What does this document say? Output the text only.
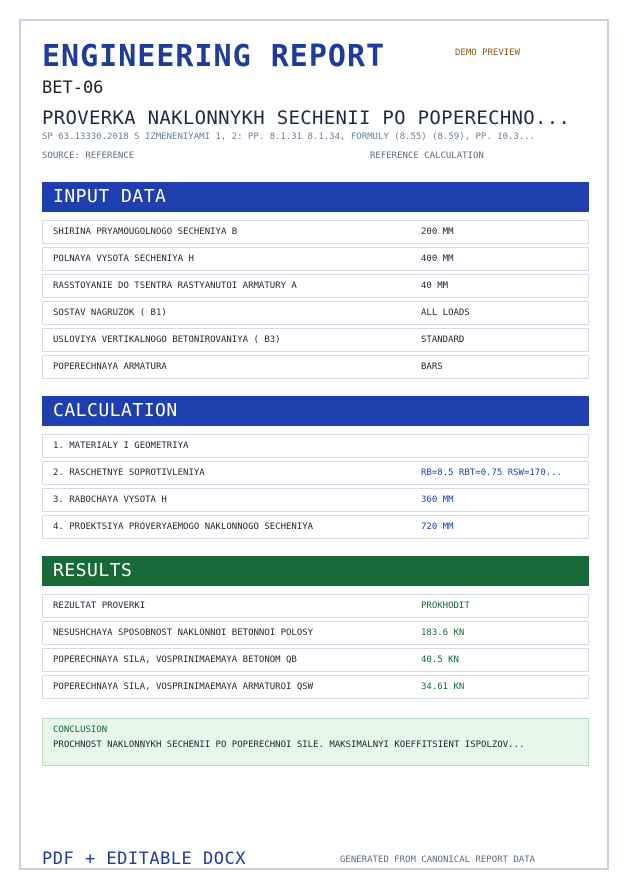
ENGINEERING REPORT	DEMO PREVIEW
BET-06
PROVERKA NAKLONNYKH SECHENII PO POPERECHNO...
SP 63.13330.2018 S IZMENENIYAMI 1, 2: PP. 8.1.31 8.1.34, FORMULY (8.55) (8.59), PP. 10.3...
SOURCE: REFERENCE	REFERENCE CALCULATION
INPUT DATA
SHIRINA PRYAMOUGOLNOGO SECHENIYA B	200 MM
POLNAYA VYSOTA SECHENIYA H	400 MM
RASSTOYANIE DO TSENTRA RASTYANUTOI ARMATURY A	40 MM
SOSTAV NAGRUZOK ( B1)	ALL LOADS
USLOVIYA VERTIKALNOGO BETONIROVANIYA ( B3)	STANDARD
POPERECHNAYA ARMATURA	BARS
CALCULATION
1. MATERIALY I GEOMETRIYA
2. RASCHETNYE SOPROTIVLENIYA	RB=8.5 RBT=0.75 RSW=170...
3. RABOCHAYA VYSOTA H	360 MM
4. PROEKTSIYA PROVERYAEMOGO NAKLONNOGO SECHENIYA	720 MM
RESULTS
REZULTAT PROVERKI	PROKHODIT
NESUSHCHAYA SPOSOBNOST NAKLONNOI BETONNOI POLOSY	183.6 KN
POPERECHNAYA SILA, VOSPRINIMAEMAYA BETONOM QB	40.5 KN
POPERECHNAYA SILA, VOSPRINIMAEMAYA ARMATUROI QSW	34.61 KN
CONCLUSION
PROCHNOST NAKLONNYKH SECHENII PO POPERECHNOI SILE. MAKSIMALNYI KOEFFITSIENT ISPOLZOV...
PDF + EDITABLE DOCX	GENERATED FROM CANONICAL REPORT DATA
